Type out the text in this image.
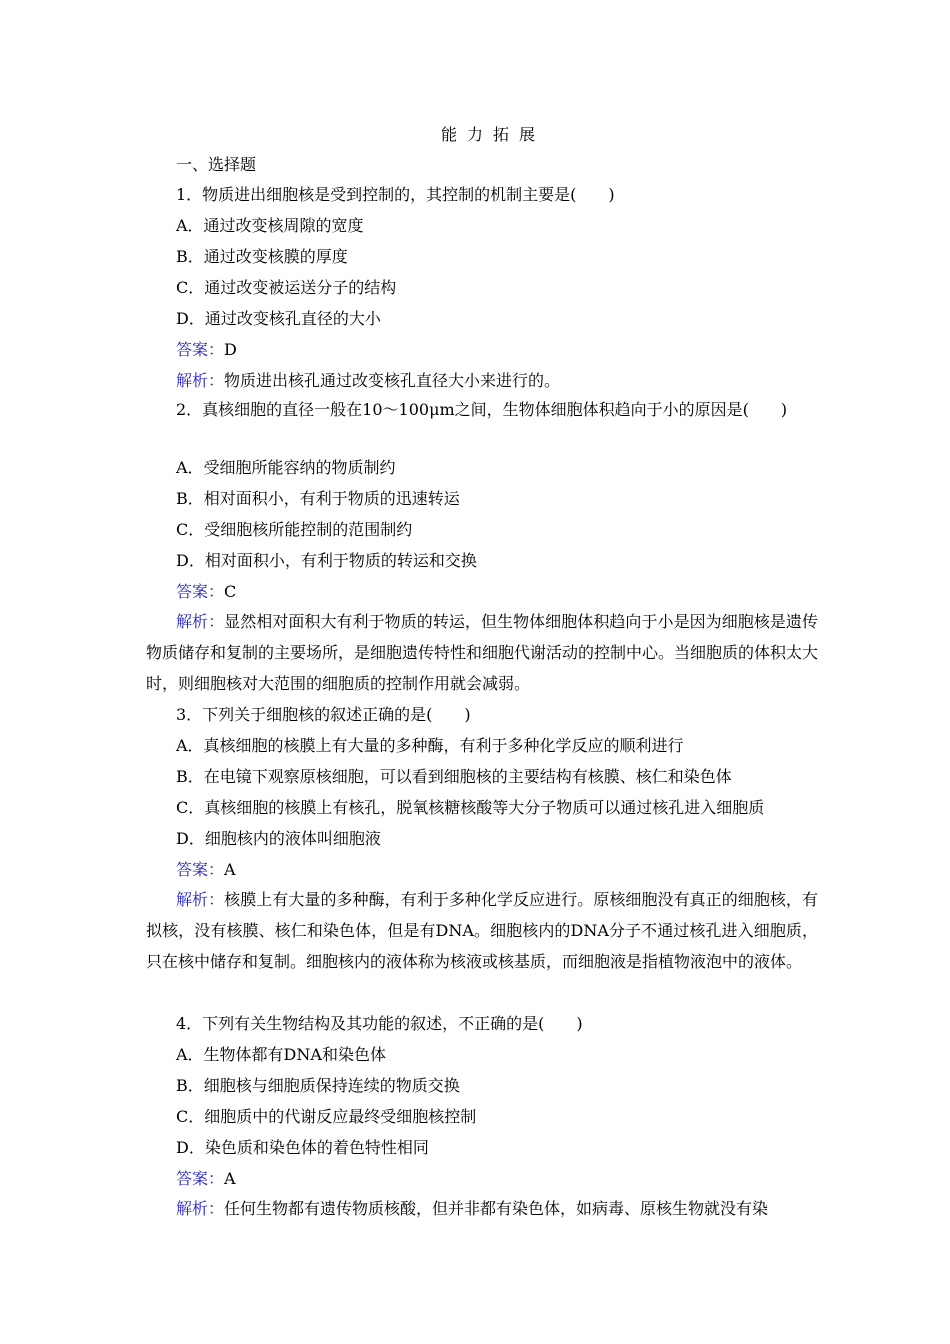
能力拓展
一、选择题
1．物质进出细胞核是受到控制的，其控制的机制主要是(　　)
A．通过改变核周隙的宽度
B．通过改变核膜的厚度
C．通过改变被运送分子的结构
D．通过改变核孔直径的大小
答案：D
解析：物质进出核孔通过改变核孔直径大小来进行的。
2．真核细胞的直径一般在10～100μm之间，生物体细胞体积趋向于小的原因是(　　)
A．受细胞所能容纳的物质制约
B．相对面积小，有利于物质的迅速转运
C．受细胞核所能控制的范围制约
D．相对面积小，有利于物质的转运和交换
答案：C
解析：显然相对面积大有利于物质的转运，但生物体细胞体积趋向于小是因为细胞核是遗传物质储存和复制的主要场所，是细胞遗传特性和细胞代谢活动的控制中心。当细胞质的体积太大时，则细胞核对大范围的细胞质的控制作用就会减弱。
3．下列关于细胞核的叙述正确的是(　　)
A．真核细胞的核膜上有大量的多种酶，有利于多种化学反应的顺利进行
B．在电镜下观察原核细胞，可以看到细胞核的主要结构有核膜、核仁和染色体
C．真核细胞的核膜上有核孔，脱氧核糖核酸等大分子物质可以通过核孔进入细胞质
D．细胞核内的液体叫细胞液
答案：A
解析：核膜上有大量的多种酶，有利于多种化学反应进行。原核细胞没有真正的细胞核，有拟核，没有核膜、核仁和染色体，但是有DNA。细胞核内的DNA分子不通过核孔进入细胞质，只在核中储存和复制。细胞核内的液体称为核液或核基质，而细胞液是指植物液泡中的液体。
4．下列有关生物结构及其功能的叙述，不正确的是(　　)
A．生物体都有DNA和染色体
B．细胞核与细胞质保持连续的物质交换
C．细胞质中的代谢反应最终受细胞核控制
D．染色质和染色体的着色特性相同
答案：A
解析：任何生物都有遗传物质核酸，但并非都有染色体，如病毒、原核生物就没有染
